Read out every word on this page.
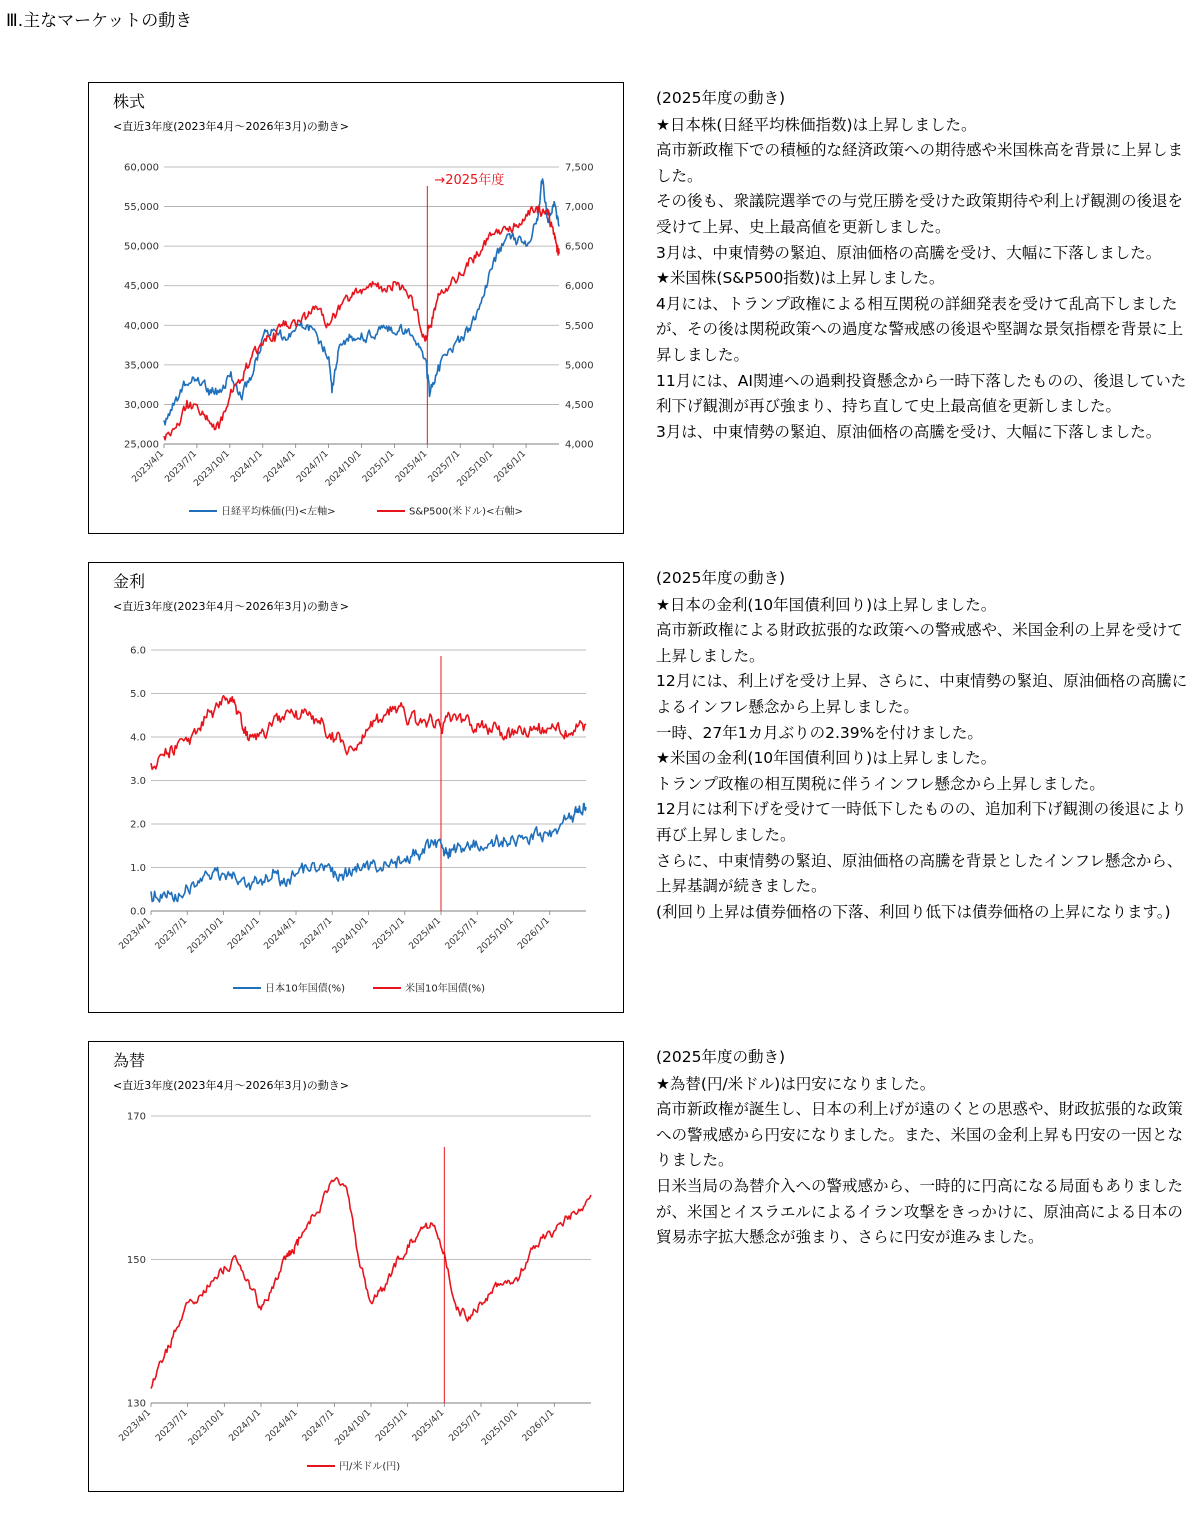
Ⅲ.主なマーケットの動き
60,000
55,000
50,000
45,000
40,000
35,000
30,000
25,000
7,500
7,000
6,500
6,000
5,500
5,000
4,500
4,000
2023/4/1
2023/7/1
2023/10/1
2024/1/1
2024/4/1
2024/7/1
2024/10/1
2025/1/1
2025/4/1
2025/7/1
2025/10/1
2026/1/1
→2025年度
日経平均株価(円)<左軸>	S&P500(米ドル)<右軸>
株式
<直近3年度(2023年4月〜2026年3月)の動き>

(2025年度の動き)

★日本株(日経平均株価指数)は上昇しました。

高市新政権下での積極的な経済政策への期待感や米国株高を背景に上昇しました。

その後も、衆議院選挙での与党圧勝を受けた政策期待や利上げ観測の後退を受けて上昇、史上最高値を更新しました。

3月は、中東情勢の緊迫、原油価格の高騰を受け、大幅に下落しました。

★米国株(S&P500指数)は上昇しました。

4月には、トランプ政権による相互関税の詳細発表を受けて乱高下しましたが、その後は関税政策への過度な警戒感の後退や堅調な景気指標を背景に上昇しました。

11月には、AI関連への過剰投資懸念から一時下落したものの、後退していた利下げ観測が再び強まり、持ち直して史上最高値を更新しました。

3月は、中東情勢の緊迫、原油価格の高騰を受け、大幅に下落しました。

6.0
5.0
4.0
3.0
2.0
1.0
0.0
2023/4/1 2023/7/1
2023/10/1 2024/1/1 2024/4/1 2024/7/1
2024/10/1 2025/1/1 2025/4/1 2025/7/1
2025/10/1 2026/1/1
日本10年国債(%)	米国10年国債(%)
金利
<直近3年度(2023年4月〜2026年3月)の動き>

(2025年度の動き)

★日本の金利(10年国債利回り)は上昇しました。

高市新政権による財政拡張的な政策への警戒感や、米国金利の上昇を受けて上昇しました。

12月には、利上げを受け上昇、さらに、中東情勢の緊迫、原油価格の高騰によるインフレ懸念から上昇しました。

一時、27年1カ月ぶりの2.39%を付けました。

★米国の金利(10年国債利回り)は上昇しました。

トランプ政権の相互関税に伴うインフレ懸念から上昇しました。

12月には利下げを受けて一時低下したものの、追加利下げ観測の後退により再び上昇しました。

さらに、中東情勢の緊迫、原油価格の高騰を背景としたインフレ懸念から、上昇基調が続きました。

(利回り上昇は債券価格の下落、利回り低下は債券価格の上昇になります。)

170
150
130
2023/4/1 2023/7/1
2023/10/1 2024/1/1 2024/4/1 2024/7/1
2024/10/1 2025/1/1 2025/4/1 2025/7/1
2025/10/1 2026/1/1
円/米ドル(円)
為替
<直近3年度(2023年4月〜2026年3月)の動き>

(2025年度の動き)

★為替(円/米ドル)は円安になりました。

高市新政権が誕生し、日本の利上げが遠のくとの思惑や、財政拡張的な政策への警戒感から円安になりました。また、米国の金利上昇も円安の一因となりました。

日米当局の為替介入への警戒感から、一時的に円高になる局面もありましたが、米国とイスラエルによるイラン攻撃をきっかけに、原油高による日本の貿易赤字拡大懸念が強まり、さらに円安が進みました。
